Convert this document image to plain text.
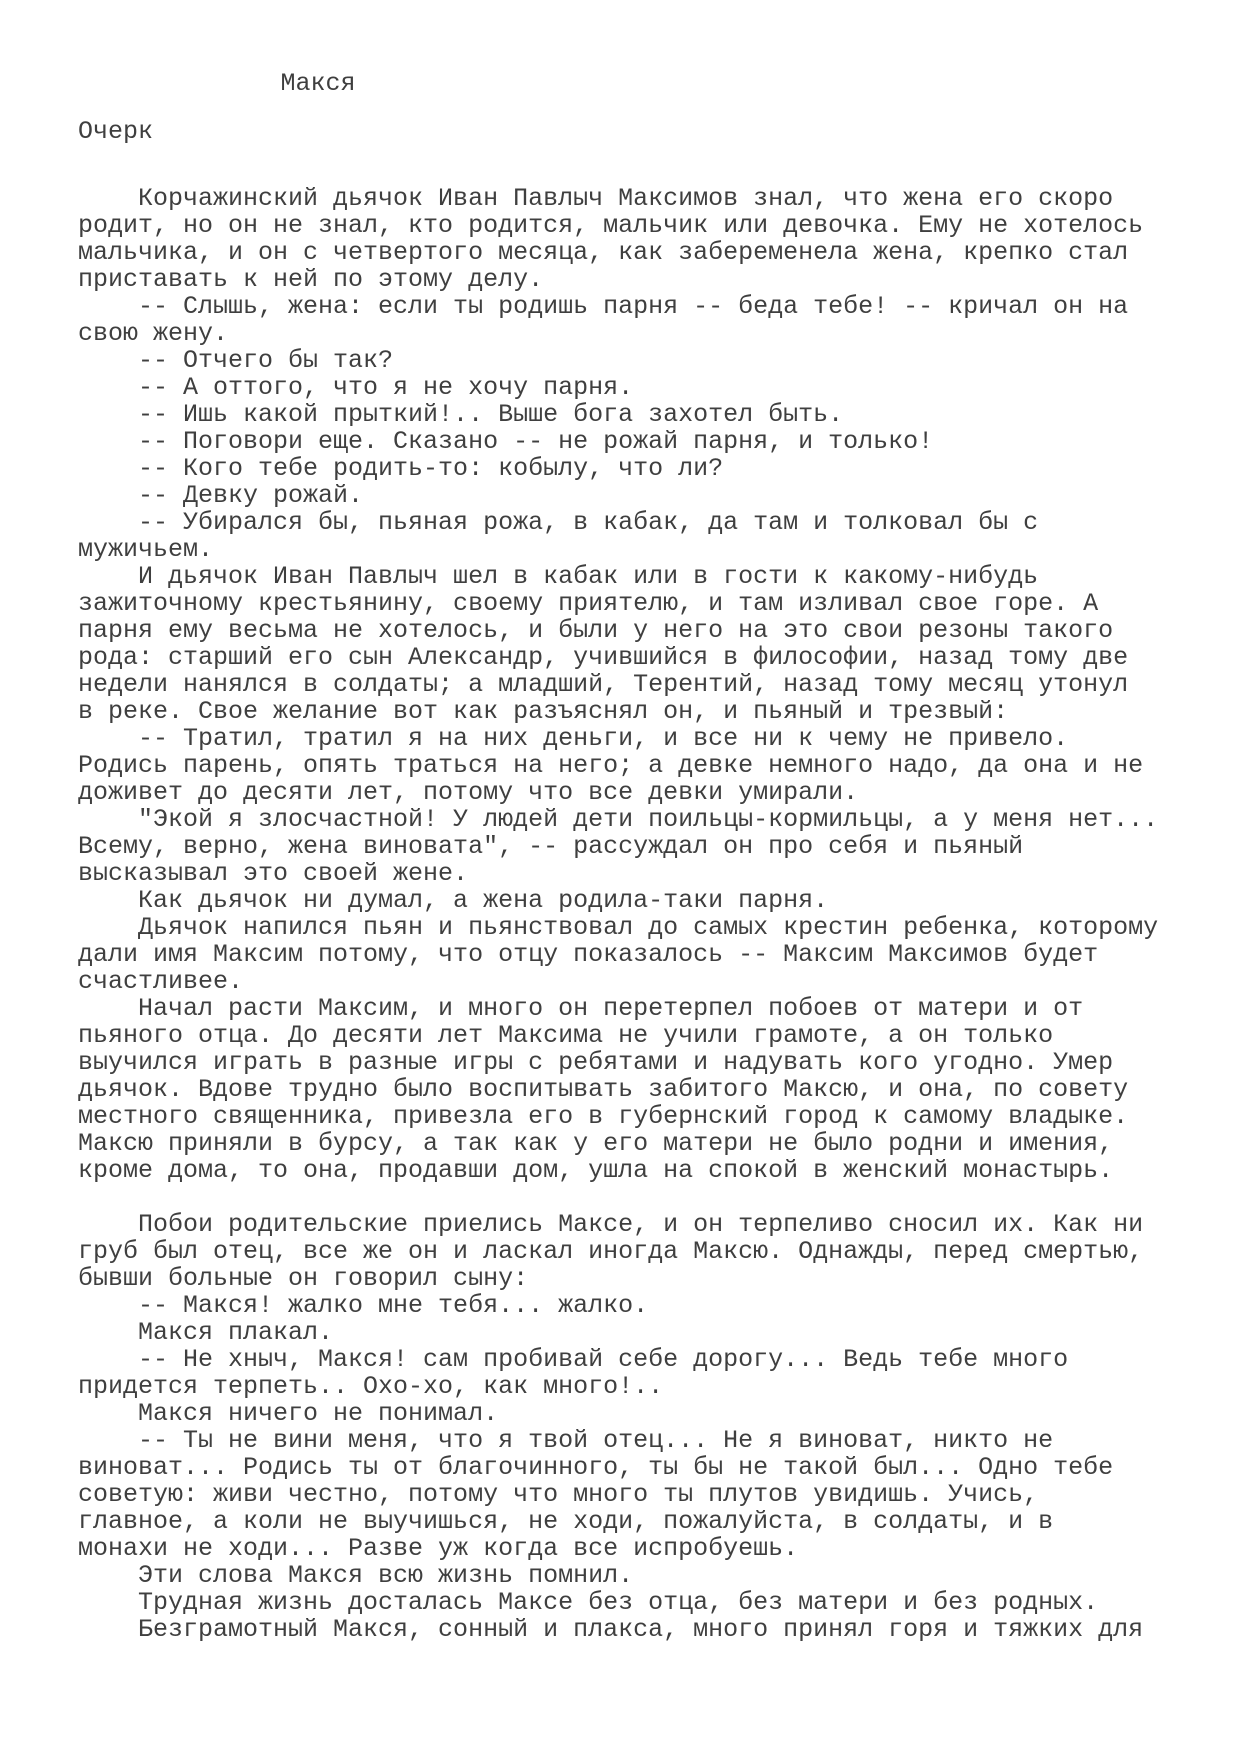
Макся
Очерк
Корчажинский дьячок Иван Павлыч Максимов знал, что жена его скоро
родит, но он не знал, кто родится, мальчик или девочка. Ему не хотелось
мальчика, и он с четвертого месяца, как забеременела жена, крепко стал
приставать к ней по этому делу.
-- Слышь, жена: если ты родишь парня -- беда тебе! -- кричал он на
свою жену.
-- Отчего бы так?
-- А оттого, что я не хочу парня.
-- Ишь какой прыткий!.. Выше бога захотел быть.
-- Поговори еще. Сказано -- не рожай парня, и только!
-- Кого тебе родить-то: кобылу, что ли?
-- Девку рожай.
-- Убирался бы, пьяная рожа, в кабак, да там и толковал бы с
мужичьем.
И дьячок Иван Павлыч шел в кабак или в гости к какому-нибудь
зажиточному крестьянину, своему приятелю, и там изливал свое горе. А
парня ему весьма не хотелось, и были у него на это свои резоны такого
рода: старший его сын Александр, учившийся в философии, назад тому две
недели нанялся в солдаты; а младший, Терентий, назад тому месяц утонул
в реке. Свое желание вот как разъяснял он, и пьяный и трезвый:
-- Тратил, тратил я на них деньги, и все ни к чему не привело.
Родись парень, опять траться на него; а девке немного надо, да она и не
доживет до десяти лет, потому что все девки умирали.
"Экой я злосчастной! У людей дети поильцы-кормильцы, а у меня нет...
Всему, верно, жена виновата", -- рассуждал он про себя и пьяный
высказывал это своей жене.
Как дьячок ни думал, а жена родила-таки парня.
Дьячок напился пьян и пьянствовал до самых крестин ребенка, которому
дали имя Максим потому, что отцу показалось -- Максим Максимов будет
счастливее.
Начал расти Максим, и много он перетерпел побоев от матери и от
пьяного отца. До десяти лет Максима не учили грамоте, а он только
выучился играть в разные игры с ребятами и надувать кого угодно. Умер
дьячок. Вдове трудно было воспитывать забитого Максю, и она, по совету
местного священника, привезла его в губернский город к самому владыке.
Максю приняли в бурсу, а так как у его матери не было родни и имения,
кроме дома, то она, продавши дом, ушла на спокой в женский монастырь.
Побои родительские приелись Максе, и он терпеливо сносил их. Как ни
груб был отец, все же он и ласкал иногда Максю. Однажды, перед смертью,
бывши больные он говорил сыну:
-- Макся! жалко мне тебя... жалко.
Макся плакал.
-- Не хныч, Макся! сам пробивай себе дорогу... Ведь тебе много
придется терпеть.. Охо-хо, как много!..
Макся ничего не понимал.
-- Ты не вини меня, что я твой отец... Не я виноват, никто не
виноват... Родись ты от благочинного, ты бы не такой был... Одно тебе
советую: живи честно, потому что много ты плутов увидишь. Учись,
главное, а коли не выучишься, не ходи, пожалуйста, в солдаты, и в
монахи не ходи... Разве уж когда все испробуешь.
Эти слова Макся всю жизнь помнил.
Трудная жизнь досталась Максе без отца, без матери и без родных.
Безграмотный Макся, сонный и плакса, много принял горя и тяжких для
